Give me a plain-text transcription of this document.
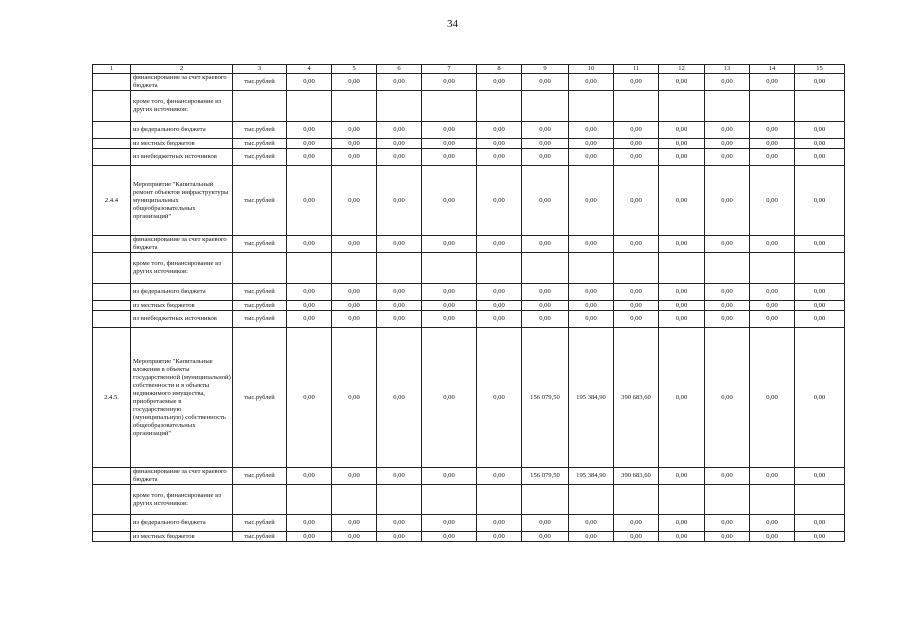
34
1	2	3	4	5	6	7	8	9	10	11	12	13	14	15
	финансирование за счет краевого бюджета	тыс.рублей	0,00	0,00	0,00	0,00	0,00	0,00	0,00	0,00	0,00	0,00	0,00	0,00
	кроме того, финансирование из других источников:													
	из федерального бюджета	тыс.рублей	0,00	0,00	0,00	0,00	0,00	0,00	0,00	0,00	0,00	0,00	0,00	0,00
	из местных бюджетов	тыс.рублей	0,00	0,00	0,00	0,00	0,00	0,00	0,00	0,00	0,00	0,00	0,00	0,00
	из внебюджетных источников	тыс.рублей	0,00	0,00	0,00	0,00	0,00	0,00	0,00	0,00	0,00	0,00	0,00	0,00
2.4.4	Мероприятие "Капитальный ремонт объектов инфраструктуры муниципальных общеобразовательных организаций"	тыс.рублей	0,00	0,00	0,00	0,00	0,00	0,00	0,00	0,00	0,00	0,00	0,00	0,00
	финансирование за счет краевого бюджета	тыс.рублей	0,00	0,00	0,00	0,00	0,00	0,00	0,00	0,00	0,00	0,00	0,00	0,00
	кроме того, финансирование из других источников:													
	из федерального бюджета	тыс.рублей	0,00	0,00	0,00	0,00	0,00	0,00	0,00	0,00	0,00	0,00	0,00	0,00
	из местных бюджетов	тыс.рублей	0,00	0,00	0,00	0,00	0,00	0,00	0,00	0,00	0,00	0,00	0,00	0,00
	из внебюджетных источников	тыс.рублей	0,00	0,00	0,00	0,00	0,00	0,00	0,00	0,00	0,00	0,00	0,00	0,00
2.4.5.	Мероприятие "Капитальные вложения в объекты государственной (муниципальной) собственности и в объекты недвижимого имущества, приобретаемые в государственную (муниципальную) собственность общеобразовательных организаций"	тыс.рублей	0,00	0,00	0,00	0,00	0,00	156 079,50	195 384,90	390 683,60	0,00	0,00	0,00	0,00
	финансирование за счет краевого бюджета	тыс.рублей	0,00	0,00	0,00	0,00	0,00	156 079,50	195 384,90	390 683,60	0,00	0,00	0,00	0,00
	кроме того, финансирование из других источников:													
	из федерального бюджета	тыс.рублей	0,00	0,00	0,00	0,00	0,00	0,00	0,00	0,00	0,00	0,00	0,00	0,00
	из местных бюджетов	тыс.рублей	0,00	0,00	0,00	0,00	0,00	0,00	0,00	0,00	0,00	0,00	0,00	0,00
